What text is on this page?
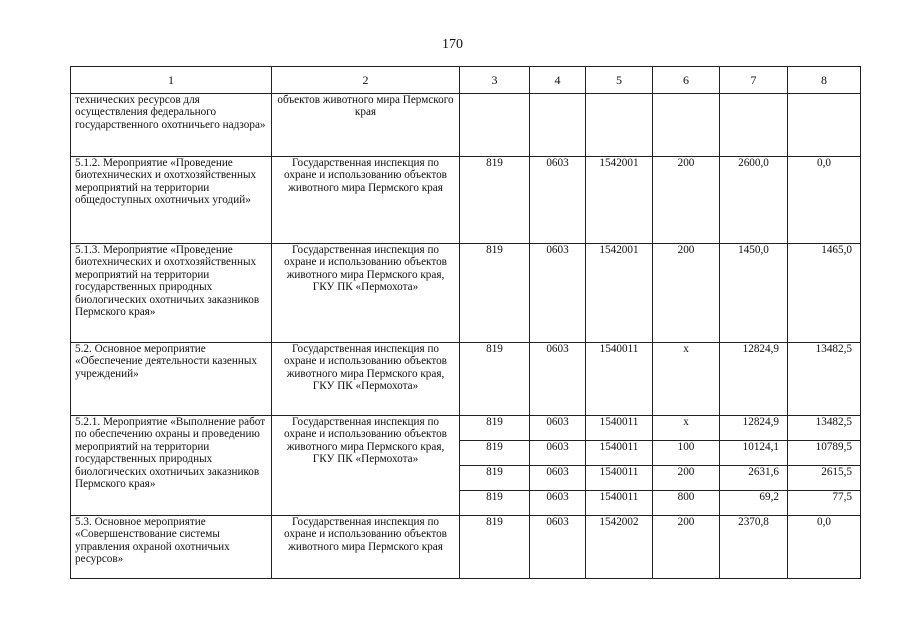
170
1	2	3	4	5	6	7	8
технических ресурсов для осуществления федерального государственного охотничьего надзора»	объектов животного мира Пермского края						
5.1.2. Мероприятие «Проведение биотехнических и охотхозяйственных мероприятий на территории общедоступных охотничьих угодий»	Государственная инспекция по охране и использованию объектов животного мира Пермского края	819	0603	1542001	200	2600,0	0,0
5.1.3. Мероприятие «Проведение биотехнических и охотхозяйственных мероприятий на территории государственных природных биологических охотничьих заказников Пермского края»	Государственная инспекция по охране и использованию объектов животного мира Пермского края, ГКУ ПК «Пермохота»	819	0603	1542001	200	1450,0	1465,0
5.2. Основное мероприятие «Обеспечение деятельности казенных учреждений»	Государственная инспекция по охране и использованию объектов животного мира Пермского края, ГКУ ПК «Пермохота»	819	0603	1540011	х	12824,9	13482,5
5.2.1. Мероприятие «Выполнение работ по обеспечению охраны и проведению мероприятий на территории государственных природных биологических охотничьих заказников Пермского края»	Государственная инспекция по охране и использованию объектов животного мира Пермского края, ГКУ ПК «Пермохота»	819	0603	1540011	х	12824,9	13482,5
		819	0603	1540011	100	10124,1	10789,5
		819	0603	1540011	200	2631,6	2615,5
		819	0603	1540011	800	69,2	77,5
5.3. Основное мероприятие «Совершенствование системы управления охраной охотничьих ресурсов»	Государственная инспекция по охране и использованию объектов животного мира Пермского края	819	0603	1542002	200	2370,8	0,0
